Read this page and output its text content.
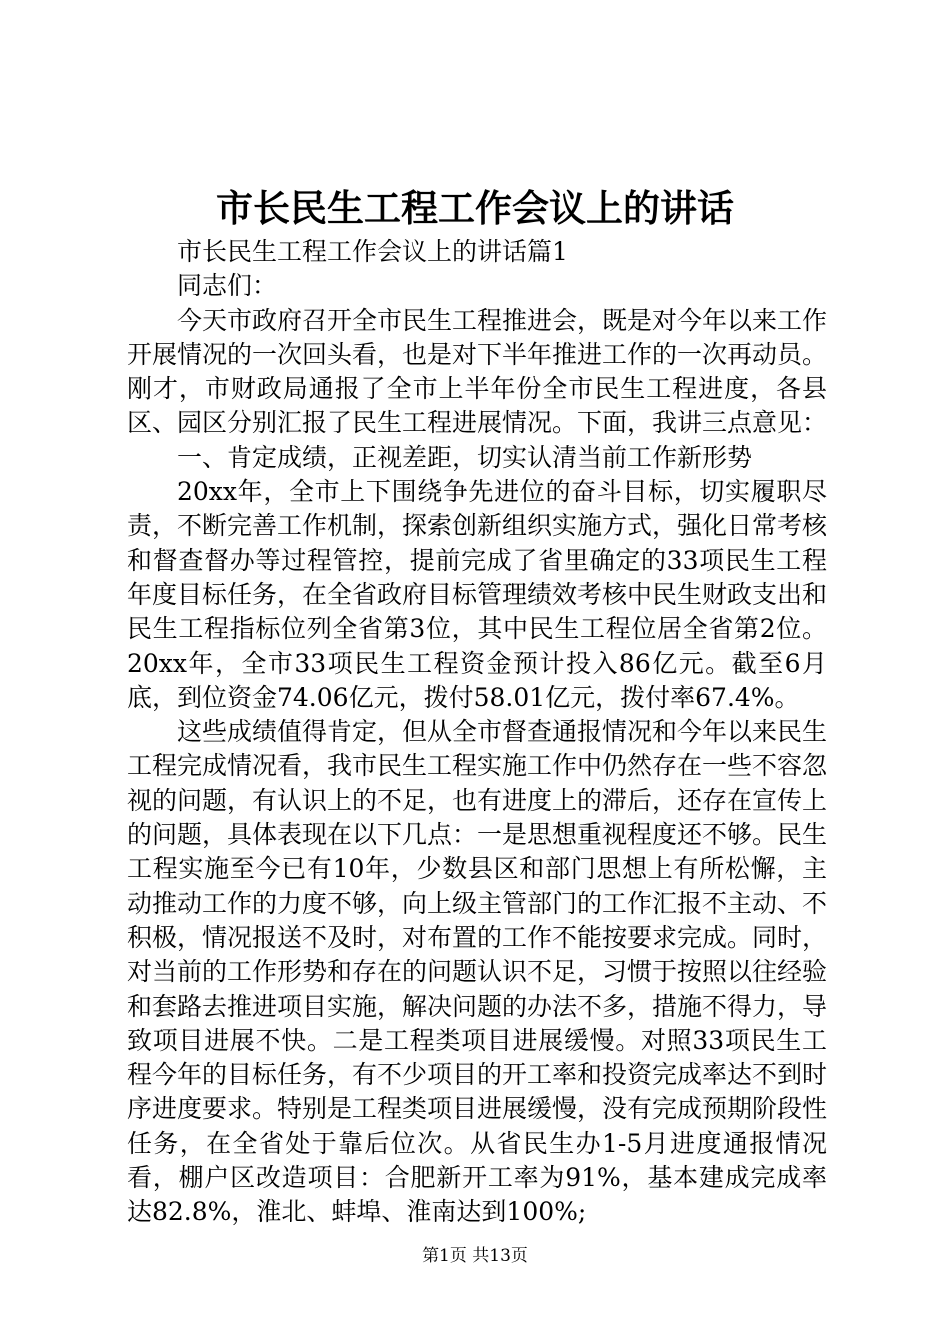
市长民生工程工作会议上的讲话

市长民生工程工作会议上的讲话篇1

同志们：

今天市政府召开全市民生工程推进会，既是对今年以来工作开展情况的一次回头看，也是对下半年推进工作的一次再动员。刚才，市财政局通报了全市上半年份全市民生工程进度，各县区、园区分别汇报了民生工程进展情况。下面，我讲三点意见：

一、肯定成绩，正视差距，切实认清当前工作新形势

20xx年，全市上下围绕争先进位的奋斗目标，切实履职尽责，不断完善工作机制，探索创新组织实施方式，强化日常考核和督查督办等过程管控，提前完成了省里确定的33项民生工程年度目标任务，在全省政府目标管理绩效考核中民生财政支出和民生工程指标位列全省第3位，其中民生工程位居全省第2位。20xx年，全市33项民生工程资金预计投入86亿元。截至6月底，到位资金74.06亿元，拨付58.01亿元，拨付率67.4%。

这些成绩值得肯定，但从全市督查通报情况和今年以来民生工程完成情况看，我市民生工程实施工作中仍然存在一些不容忽视的问题，有认识上的不足，也有进度上的滞后，还存在宣传上的问题，具体表现在以下几点：一是思想重视程度还不够。民生工程实施至今已有10年，少数县区和部门思想上有所松懈，主动推动工作的力度不够，向上级主管部门的工作汇报不主动、不积极，情况报送不及时，对布置的工作不能按要求完成。同时，对当前的工作形势和存在的问题认识不足，习惯于按照以往经验和套路去推进项目实施，解决问题的办法不多，措施不得力，导致项目进展不快。二是工程类项目进展缓慢。对照33项民生工程今年的目标任务，有不少项目的开工率和投资完成率达不到时序进度要求。特别是工程类项目进展缓慢，没有完成预期阶段性任务，在全省处于靠后位次。从省民生办1-5月进度通报情况看，棚户区改造项目：合肥新开工率为91%，基本建成完成率达82.8%，淮北、蚌埠、淮南达到100%;

第1页 共13页
